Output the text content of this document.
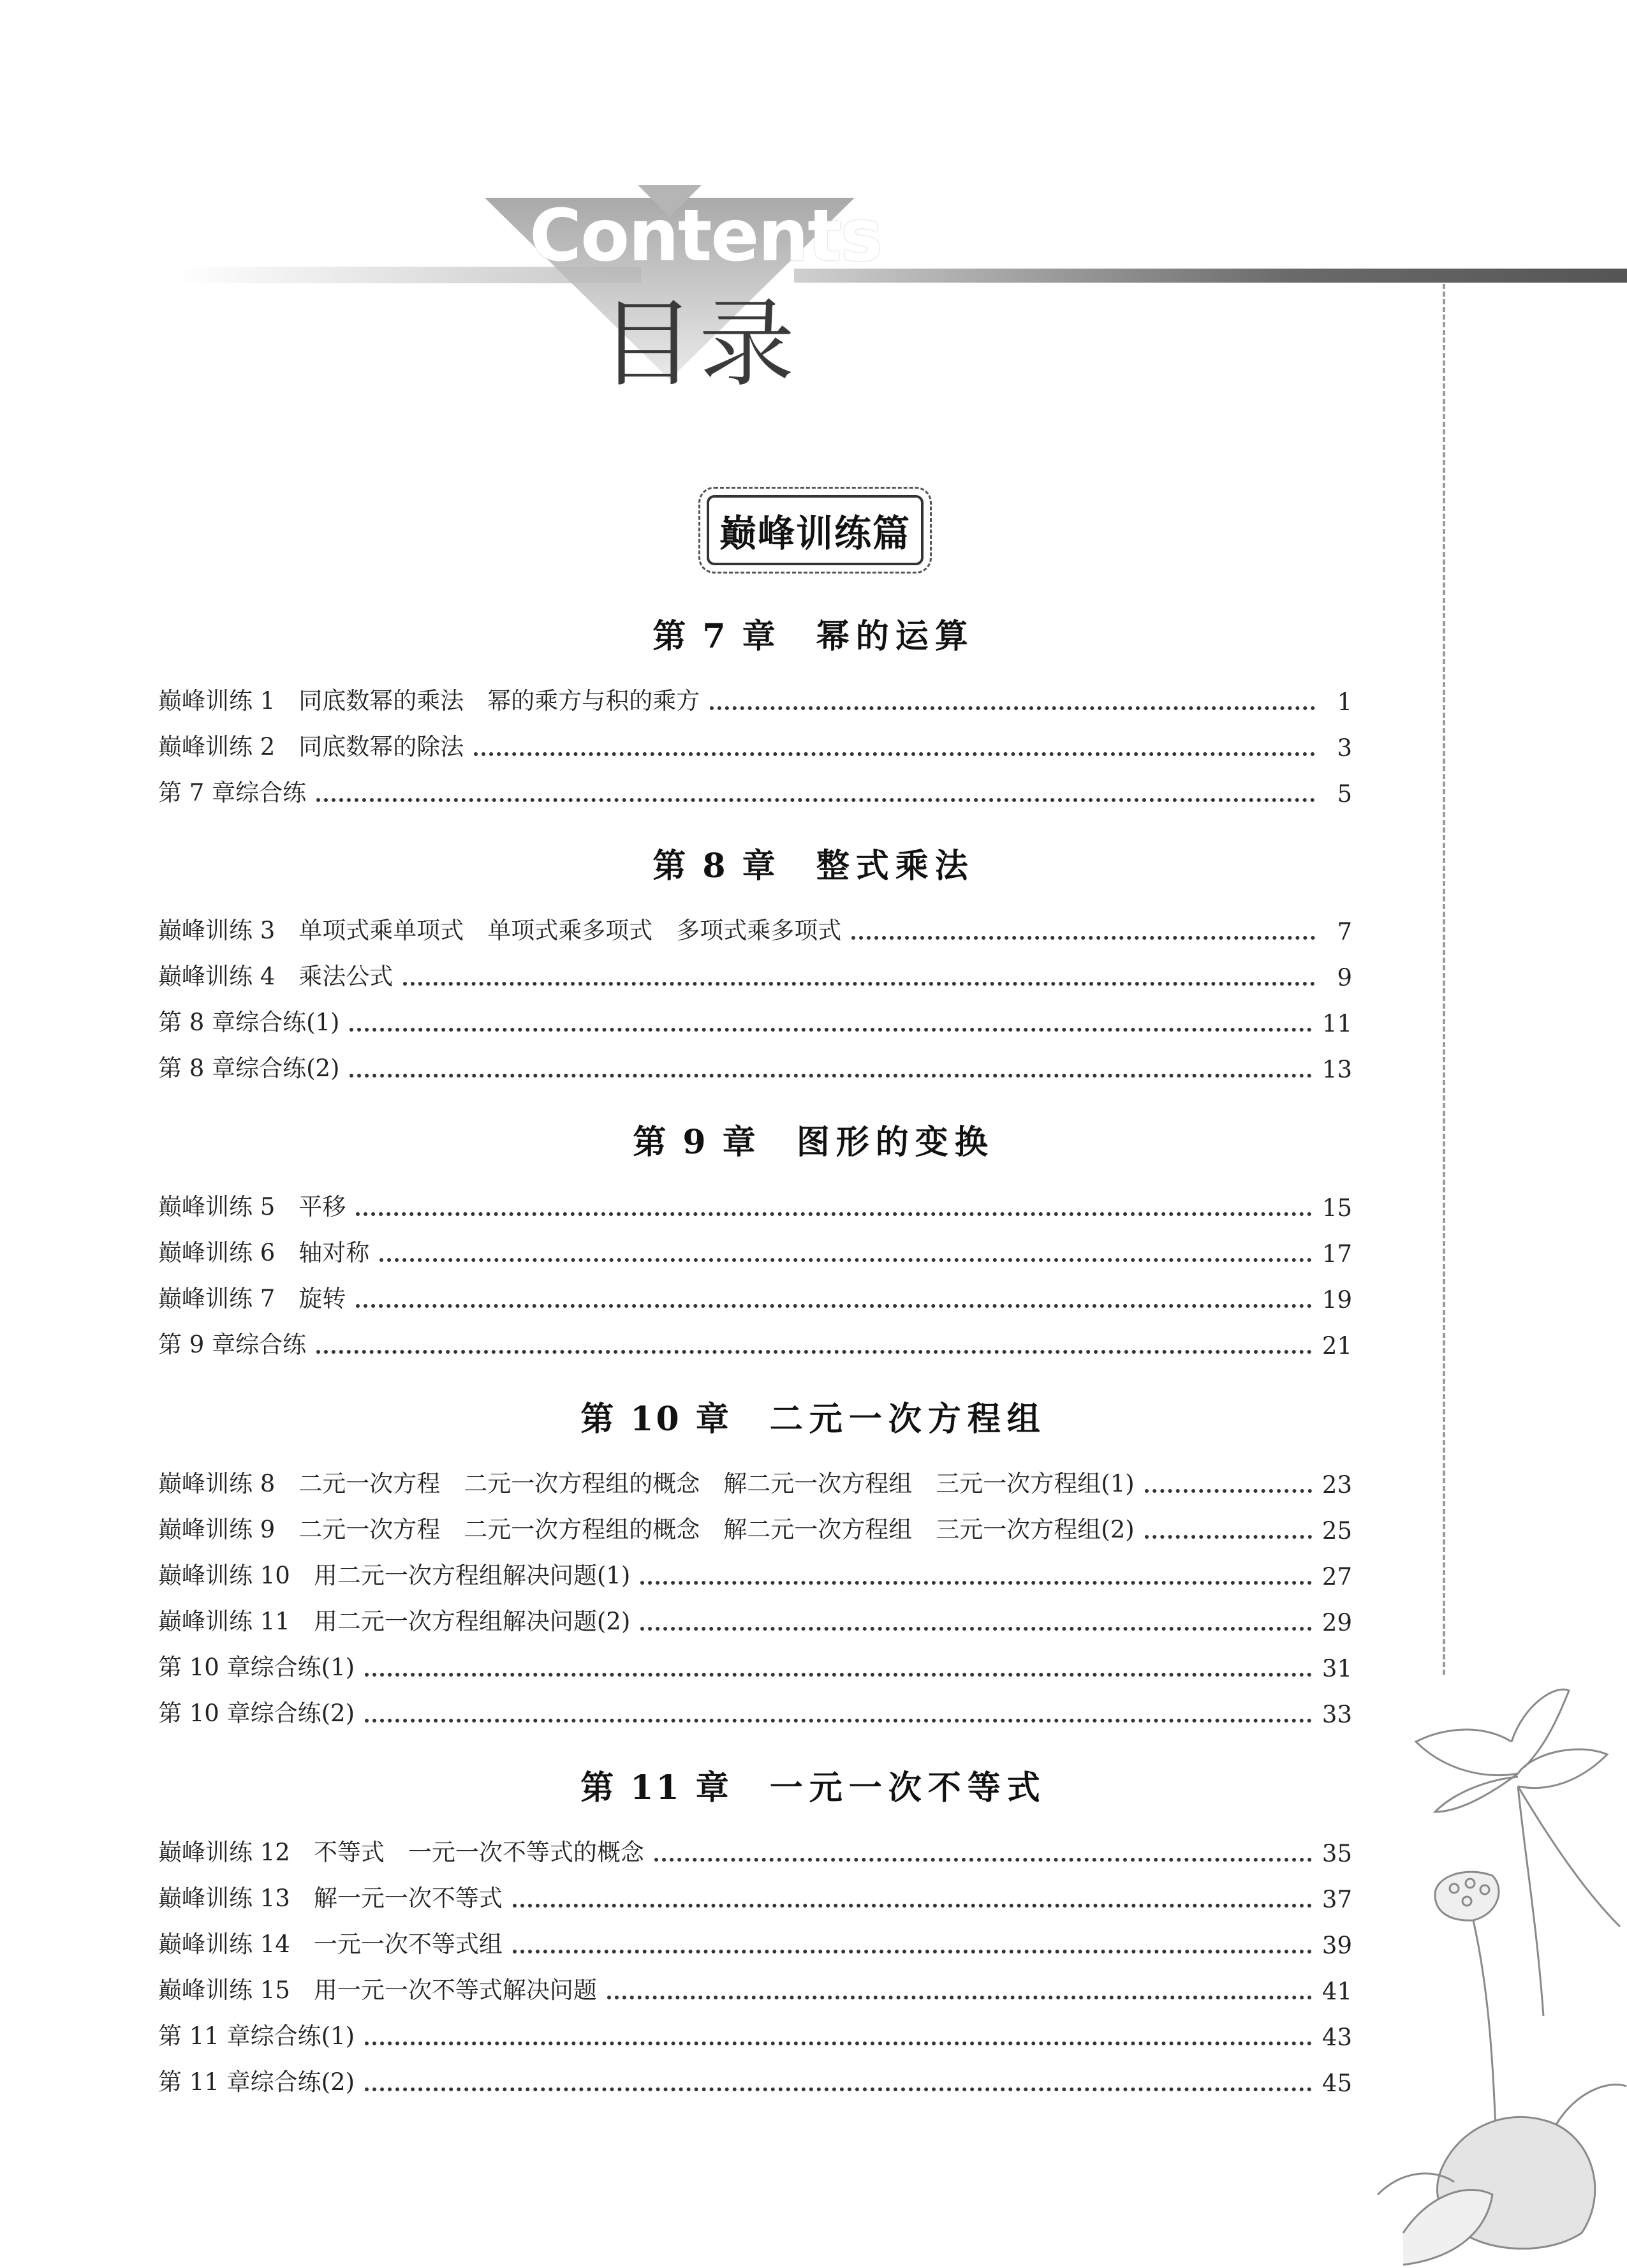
Contents
目录
巅峰训练篇
第 7 章 幂的运算
巅峰训练 1　同底数幂的乘法　幂的乘方与积的乘方	1
巅峰训练 2　同底数幂的除法	3
第 7 章综合练	5
第 8 章 整式乘法
巅峰训练 3　单项式乘单项式　单项式乘多项式　多项式乘多项式	7
巅峰训练 4　乘法公式	9
第 8 章综合练(1)	11
第 8 章综合练(2)	13
第 9 章 图形的变换
巅峰训练 5　平移	15
巅峰训练 6　轴对称	17
巅峰训练 7　旋转	19
第 9 章综合练	21
第 10 章 二元一次方程组
巅峰训练 8　二元一次方程　二元一次方程组的概念　解二元一次方程组　三元一次方程组(1)	23
巅峰训练 9　二元一次方程　二元一次方程组的概念　解二元一次方程组　三元一次方程组(2)	25
巅峰训练 10　用二元一次方程组解决问题(1)	27
巅峰训练 11　用二元一次方程组解决问题(2)	29
第 10 章综合练(1)	31
第 10 章综合练(2)	33
第 11 章 一元一次不等式
巅峰训练 12　不等式　一元一次不等式的概念	35
巅峰训练 13　解一元一次不等式	37
巅峰训练 14　一元一次不等式组	39
巅峰训练 15　用一元一次不等式解决问题	41
第 11 章综合练(1)	43
第 11 章综合练(2)	45
